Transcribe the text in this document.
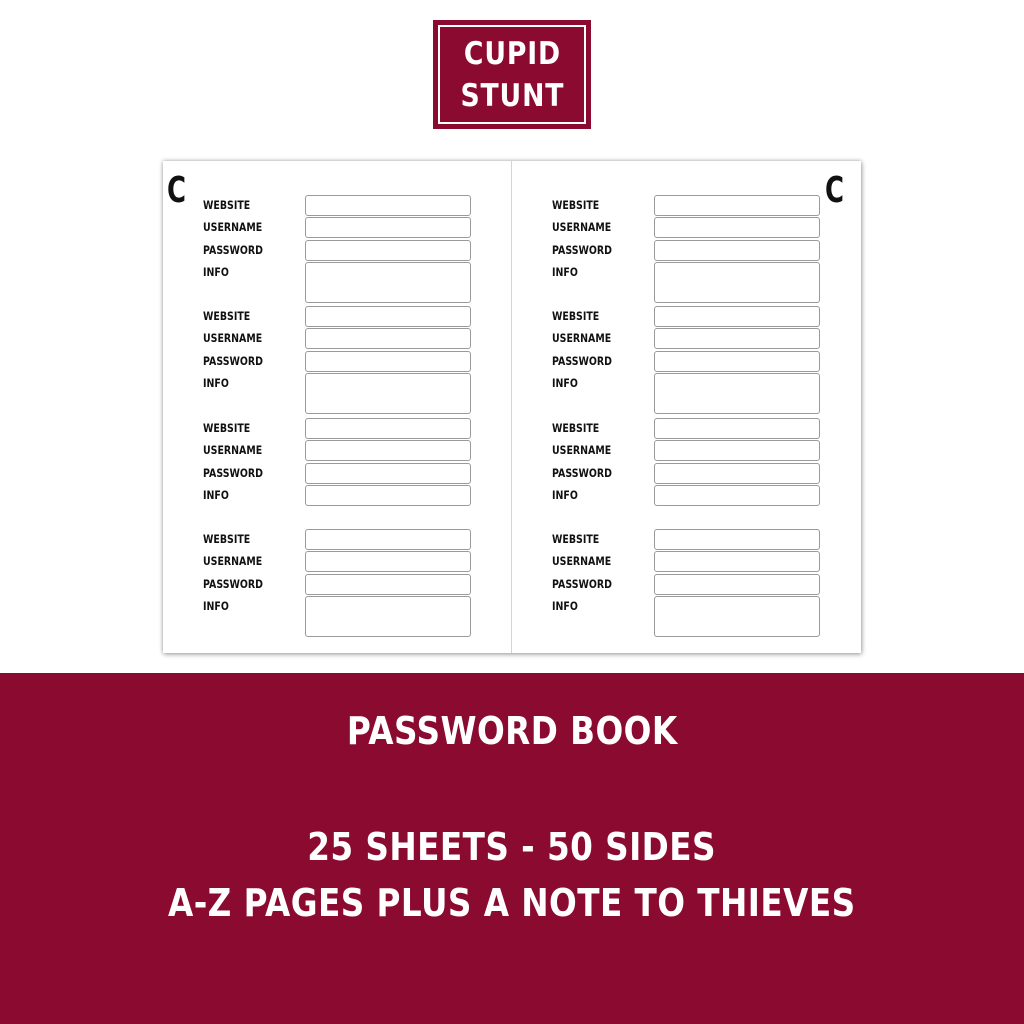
CUPID
STUNT
C WEBSITE
USERNAME
PASSWORD
INFO
WEBSITE
USERNAME
PASSWORD
INFO
WEBSITE
USERNAME
PASSWORD
INFO
WEBSITE
USERNAME
PASSWORD
INFO
C
WEBSITE
USERNAME
PASSWORD
INFO
WEBSITE
USERNAME
PASSWORD
INFO
WEBSITE
USERNAME
PASSWORD
INFO
WEBSITE
USERNAME
PASSWORD
INFO
PASSWORD BOOK
25 SHEETS - 50 SIDES
A-Z PAGES PLUS A NOTE TO THIEVES
